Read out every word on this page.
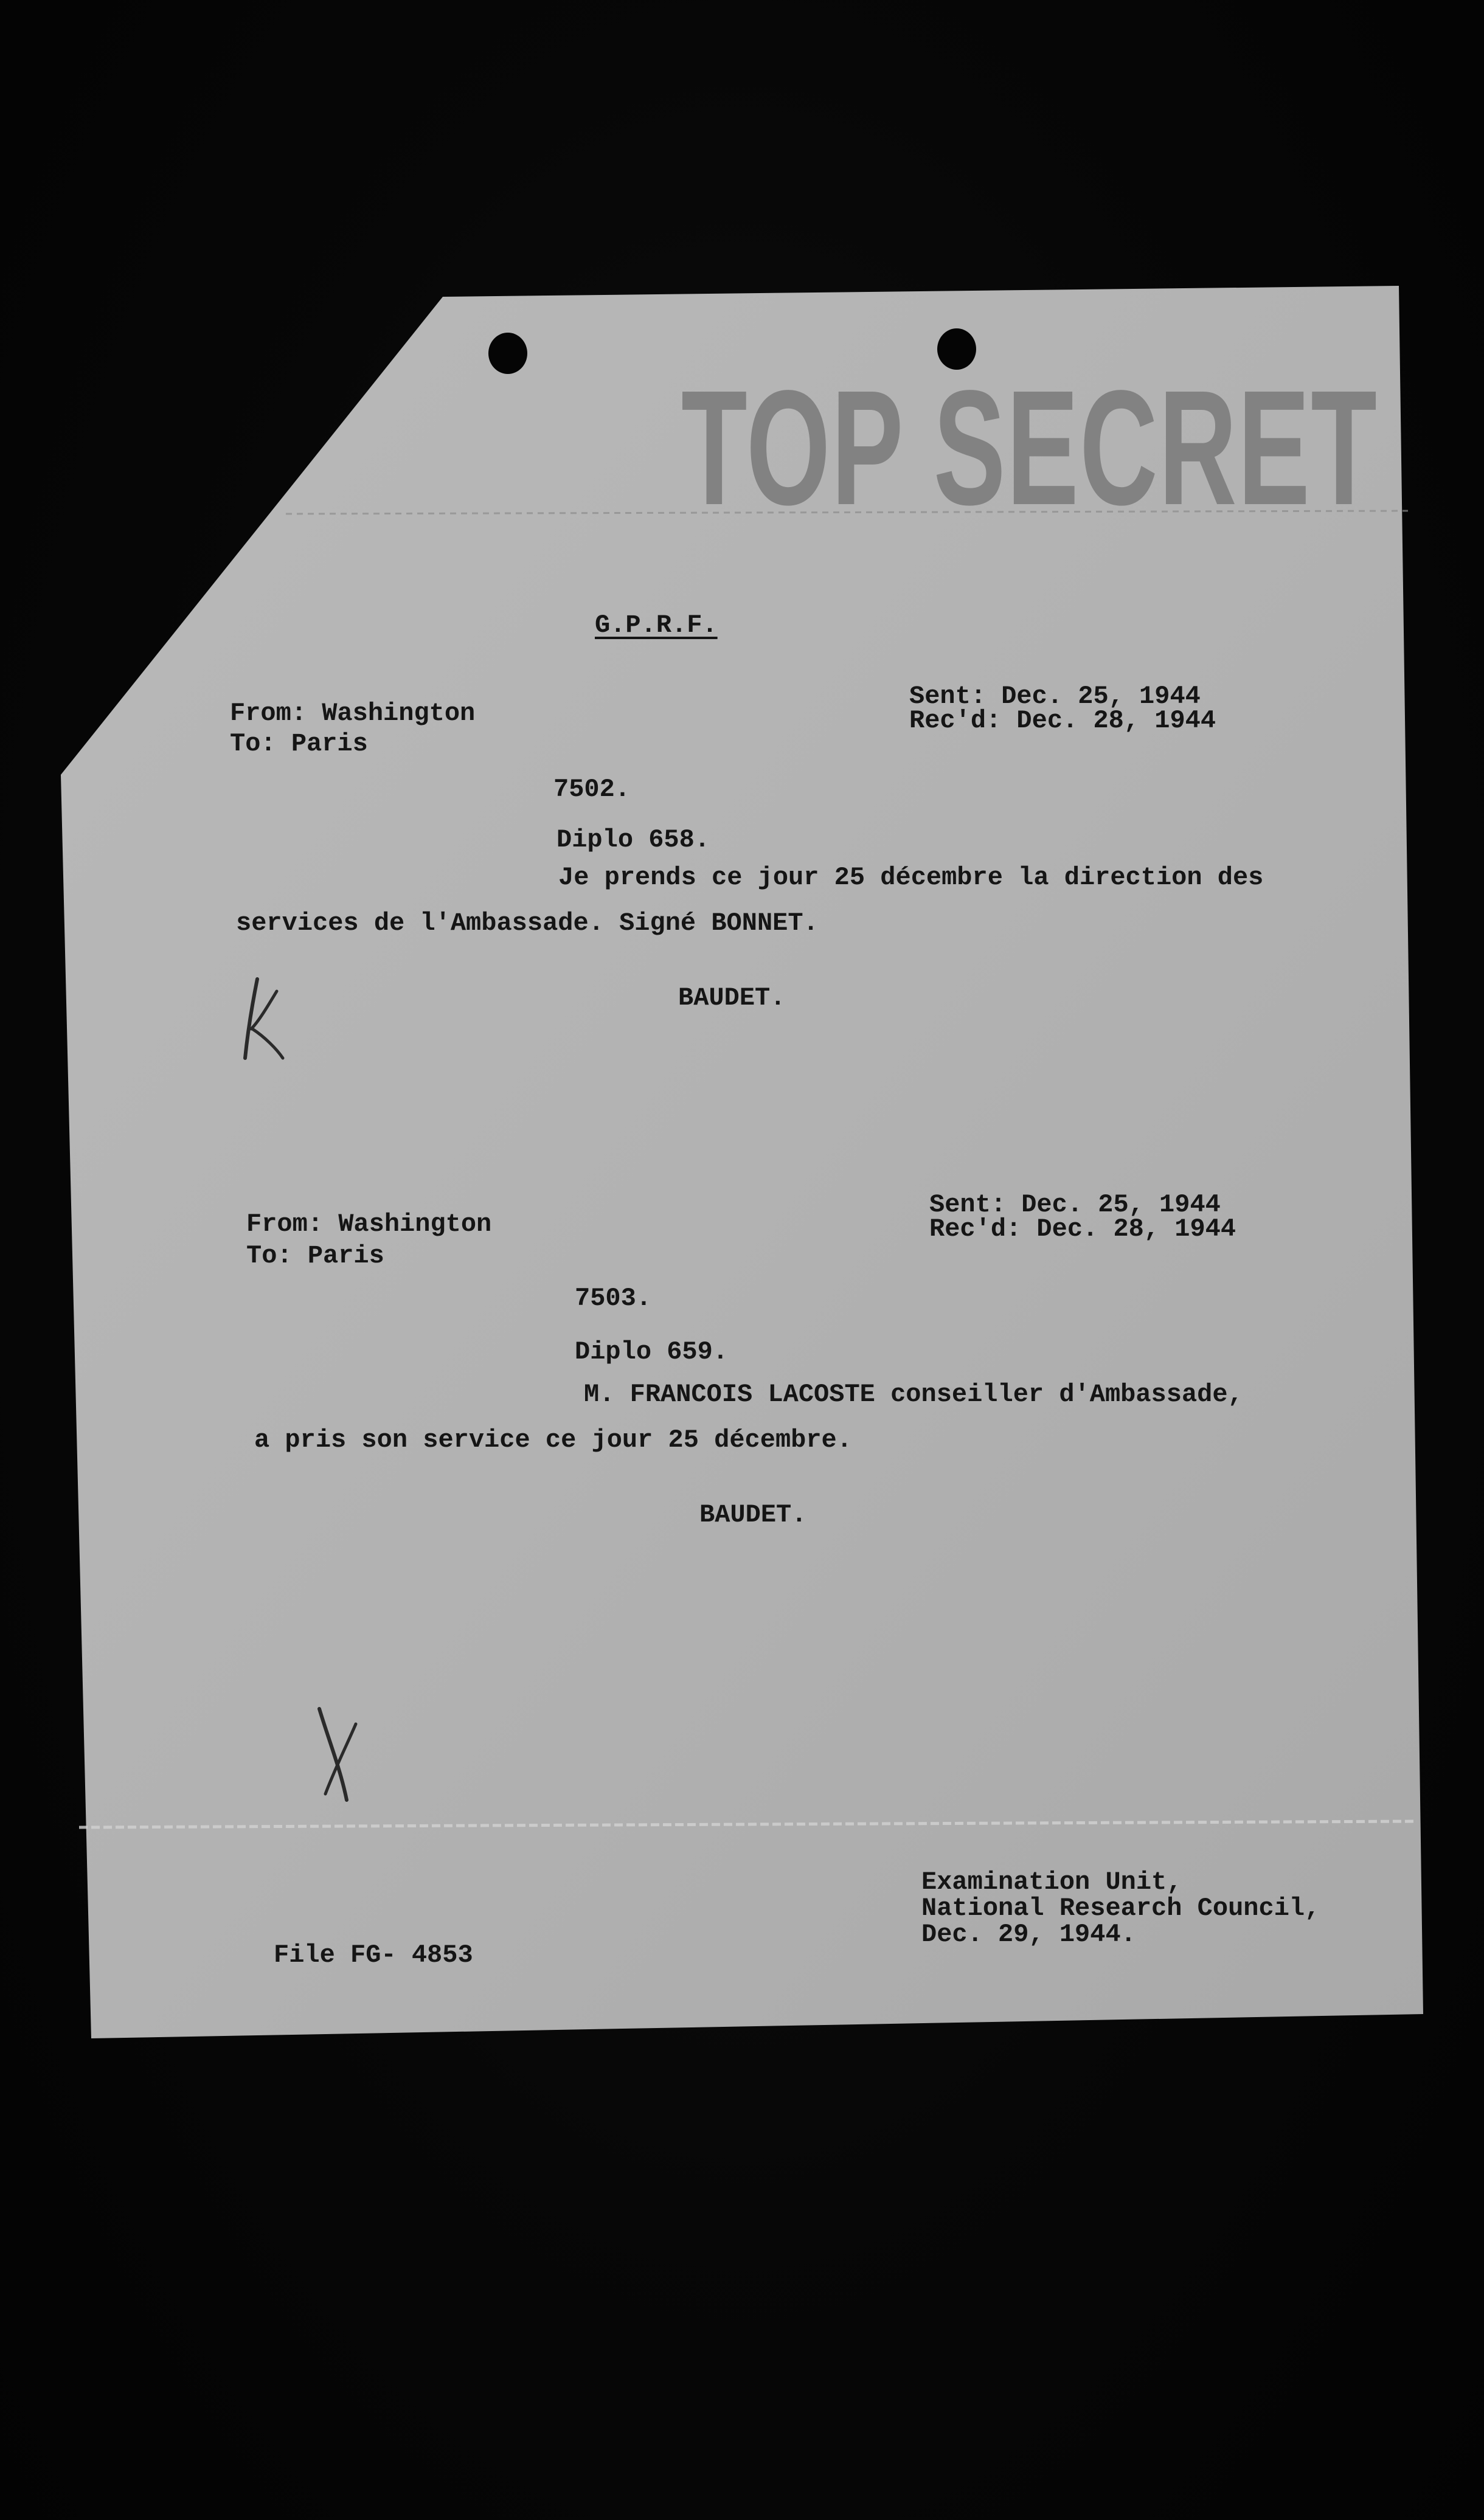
TOP SECRET
G.P.R.F.
From: Washington
To: Paris
Sent: Dec. 25, 1944
Rec'd: Dec. 28, 1944
7502.
Diplo 658.
Je prends ce jour 25 décembre la direction des
services de l'Ambassade. Signé BONNET.
BAUDET.
From: Washington
To: Paris
Sent: Dec. 25, 1944
Rec'd: Dec. 28, 1944
7503.
Diplo 659.
M. FRANCOIS LACOSTE conseiller d'Ambassade,
a pris son service ce jour 25 décembre.
BAUDET.
File FG- 4853
Examination Unit,
National Research Council,
Dec. 29, 1944.
